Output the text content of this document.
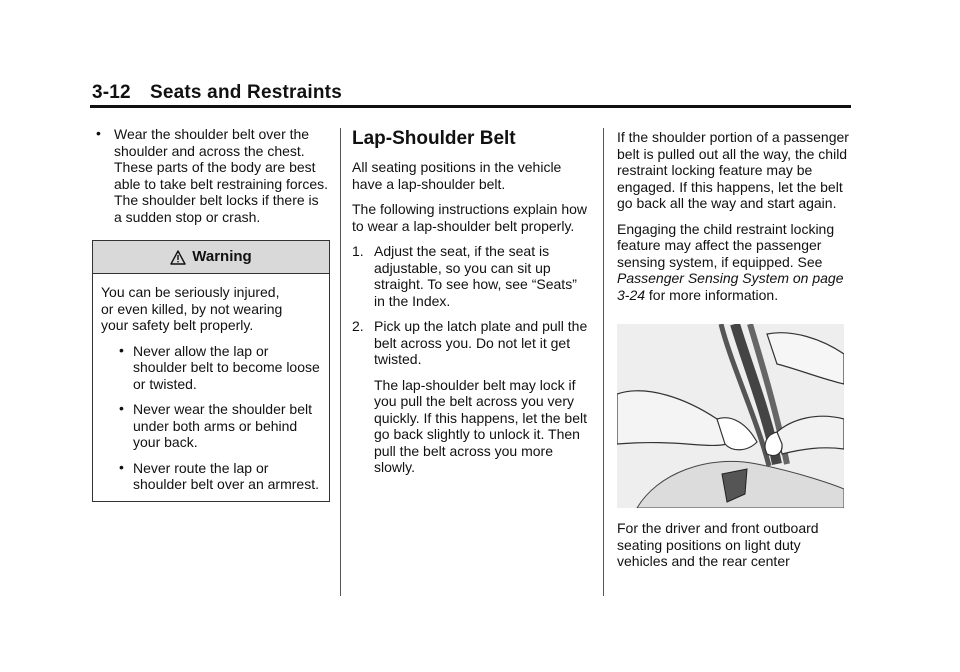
3-12 Seats and Restraints
• Wear the shoulder belt over the shoulder and across the chest. These parts of the body are best able to take belt restraining forces. The shoulder belt locks if there is a sudden stop or crash.
Warning

You can be seriously injured,

or even killed, by not wearing

your safety belt properly.

• Never allow the lap or shoulder belt to become loose or twisted.
• Never wear the shoulder belt under both arms or behind your back.
• Never route the lap or shoulder belt over an armrest.
Lap-Shoulder Belt

All seating positions in the vehicle have a lap-shoulder belt.

The following instructions explain how to wear a lap-shoulder belt properly.

1. Adjust the seat, if the seat is adjustable, so you can sit up straight. To see how, see “Seats” in the Index.
2. Pick up the latch plate and pull the belt across you. Do not let it get twisted.

The lap-shoulder belt may lock if you pull the belt across you very quickly. If this happens, let the belt go back slightly to unlock it. Then pull the belt across you more slowly.

If the shoulder portion of a passenger belt is pulled out all the way, the child restraint locking feature may be engaged. If this happens, let the belt go back all the way and start again.

Engaging the child restraint locking feature may affect the passenger sensing system, if equipped. See Passenger Sensing System on page 3-24 for more information.

For the driver and front outboard seating positions on light duty vehicles and the rear center
